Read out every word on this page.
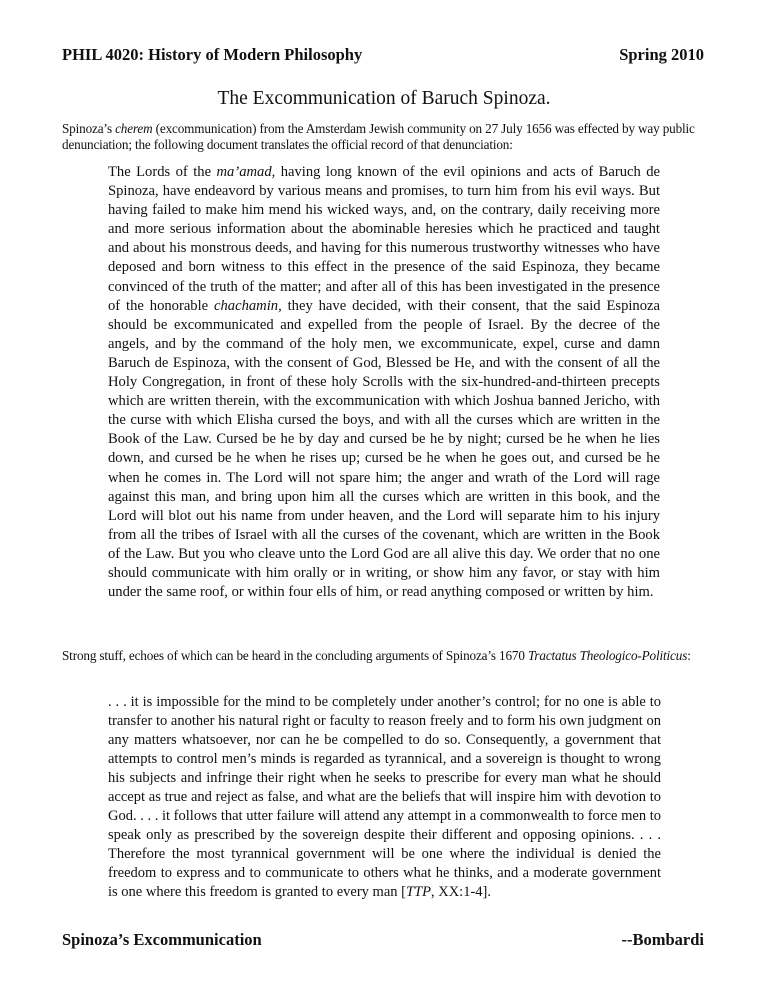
PHIL 4020: History of Modern Philosophy	Spring 2010
The Excommunication of Baruch Spinoza.

Spinoza’s cherem (excommunication) from the Amsterdam Jewish community on 27 July 1656 was effected by way public denunciation; the following document translates the official record of that denunciation:

The Lords of the ma’amad, having long known of the evil opinions and acts of Baruch de Spinoza, have endeavord by various means and promises, to turn him from his evil ways. But having failed to make him mend his wicked ways, and, on the contrary, daily receiving more and more serious information about the abominable heresies which he practiced and taught and about his monstrous deeds, and having for this numerous trustworthy witnesses who have deposed and born witness to this effect in the presence of the said Espinoza, they became convinced of the truth of the matter; and after all of this has been investigated in the presence of the honorable chachamin, they have decided, with their consent, that the said Espinoza should be excommunicated and expelled from the people of Israel. By the decree of the angels, and by the command of the holy men, we excommunicate, expel, curse and damn Baruch de Espinoza, with the consent of God, Blessed be He, and with the consent of all the Holy Congregation, in front of these holy Scrolls with the six-hundred-and-thirteen precepts which are written therein, with the excommunication with which Joshua banned Jericho, with the curse with which Elisha cursed the boys, and with all the curses which are written in the Book of the Law. Cursed be he by day and cursed be he by night; cursed be he when he lies down, and cursed be he when he rises up; cursed be he when he goes out, and cursed be he when he comes in. The Lord will not spare him; the anger and wrath of the Lord will rage against this man, and bring upon him all the curses which are written in this book, and the Lord will blot out his name from under heaven, and the Lord will separate him to his injury from all the tribes of Israel with all the curses of the covenant, which are written in the Book of the Law. But you who cleave unto the Lord God are all alive this day. We order that no one should communicate with him orally or in writing, or show him any favor, or stay with him under the same roof, or within four ells of him, or read anything composed or written by him.

Strong stuff, echoes of which can be heard in the concluding arguments of Spinoza’s 1670 Tractatus Theologico-Politicus:

. . . it is impossible for the mind to be completely under another’s control; for no one is able to transfer to another his natural right or faculty to reason freely and to form his own judgment on any matters whatsoever, nor can he be compelled to do so. Consequently, a government that attempts to control men’s minds is regarded as tyrannical, and a sovereign is thought to wrong his subjects and infringe their right when he seeks to prescribe for every man what he should accept as true and reject as false, and what are the beliefs that will inspire him with devotion to God. . . . it follows that utter failure will attend any attempt in a commonwealth to force men to speak only as prescribed by the sovereign despite their different and opposing opinions. . . . Therefore the most tyrannical government will be one where the individual is denied the freedom to express and to communicate to others what he thinks, and a moderate government is one where this freedom is granted to every man [TTP, XX:1-4].

Spinoza’s Excommunication	--Bombardi
